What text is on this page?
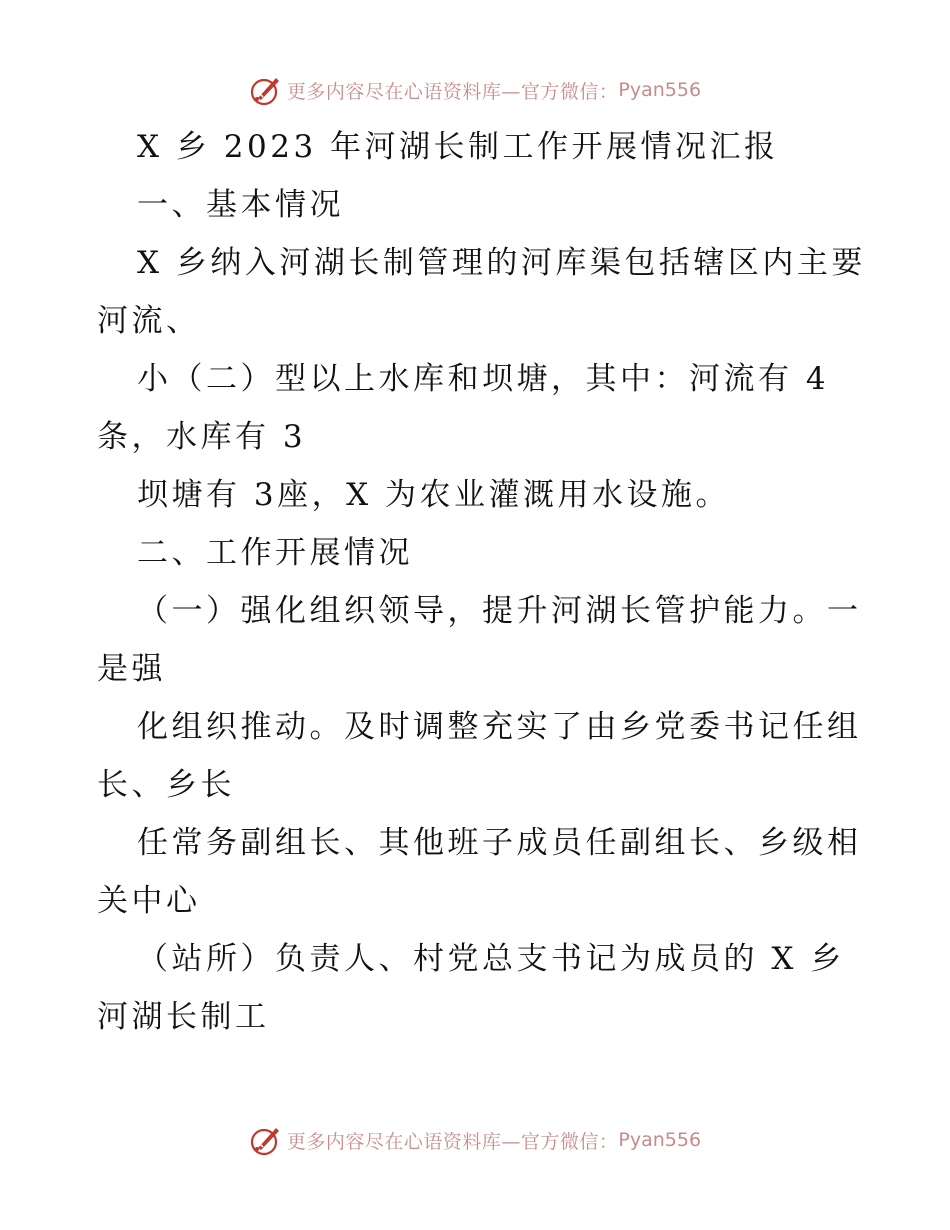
更多内容尽在心语资料库—官方微信： Pyan556
X 乡 2023 年河湖长制工作开展情况汇报
一、基本情况
X 乡纳入河湖长制管理的河库渠包括辖区内主要
河流、
小（二）型以上水库和坝塘，其中：河流有 4
条，水库有 3
坝塘有 3座，X 为农业灌溉用水设施。
二、工作开展情况
（一）强化组织领导，提升河湖长管护能力。一
是强
化组织推动。及时调整充实了由乡党委书记任组
长、乡长
任常务副组长、其他班子成员任副组长、乡级相
关中心
（站所）负责人、村党总支书记为成员的 X 乡
河湖长制工
更多内容尽在心语资料库—官方微信： Pyan556
